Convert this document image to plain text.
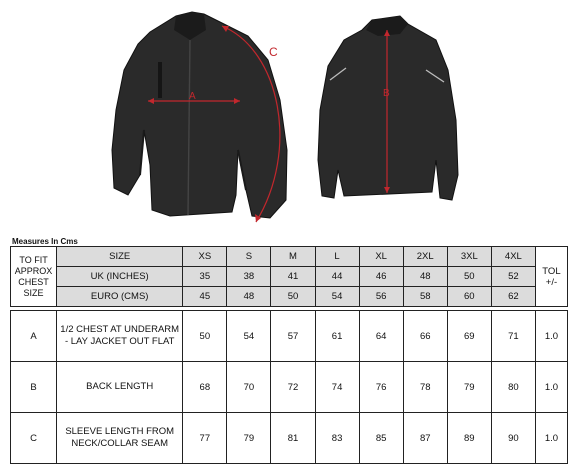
A
C
B
Measures In Cms
TO FIT APPROX CHEST SIZE	SIZE	XS	S	M	L	XL	2XL	3XL	4XL	TOL +/-
	UK (INCHES)	35	38	41	44	46	48	50	52	
	EURO (CMS)	45	48	50	54	56	58	60	62	

A	1/2 CHEST AT UNDERARM - LAY JACKET OUT FLAT	50	54	57	61	64	66	69	71	1.0
B	BACK LENGTH	68	70	72	74	76	78	79	80	1.0
C	SLEEVE LENGTH FROM NECK/COLLAR SEAM	77	79	81	83	85	87	89	90	1.0
